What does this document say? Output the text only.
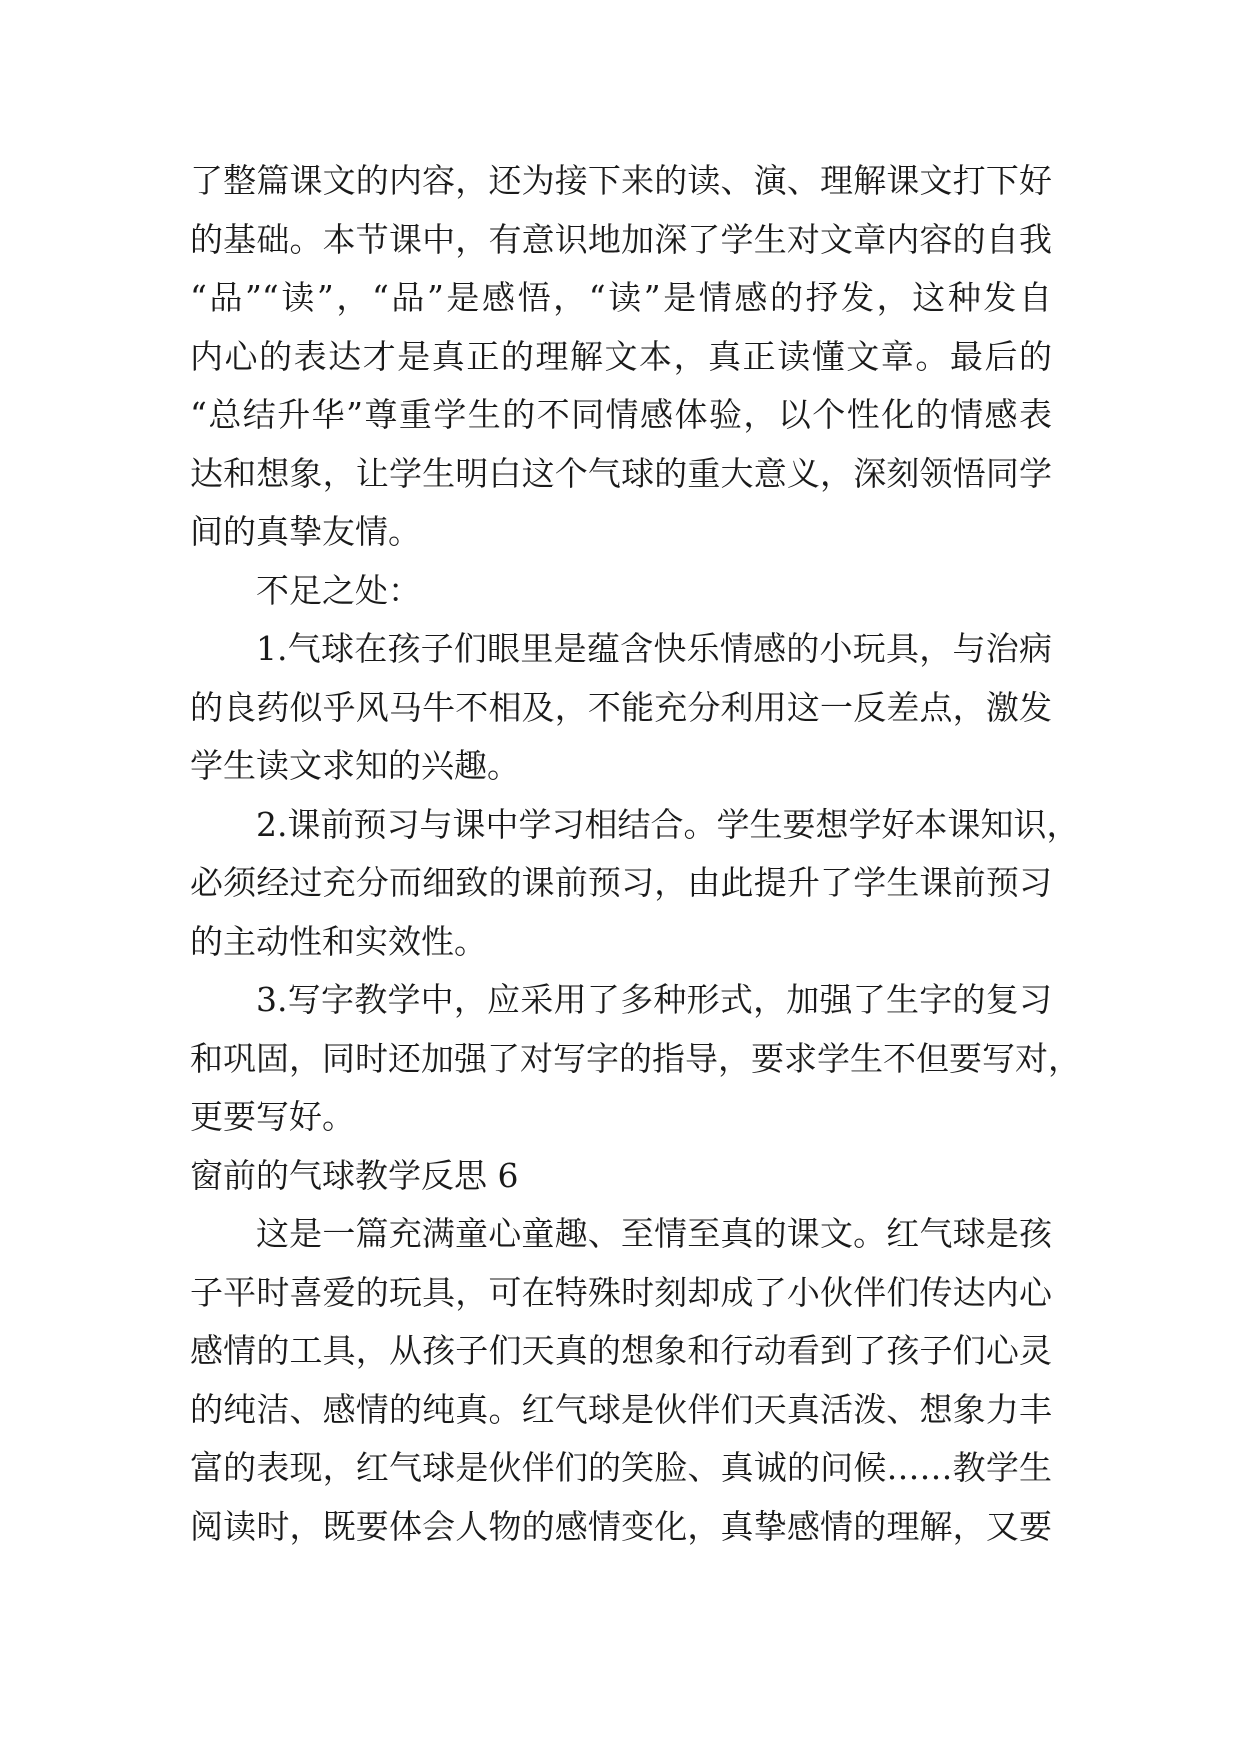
了整篇课文的内容，还为接下来的读、演、理解课文打下好
的基础。本节课中，有意识地加深了学生对文章内容的自我
“品”“读”，“品”是感悟，“读”是情感的抒发，这种发自
内心的表达才是真正的理解文本，真正读懂文章。最后的
“总结升华”尊重学生的不同情感体验，以个性化的情感表
达和想象，让学生明白这个气球的重大意义，深刻领悟同学
间的真挚友情。
不足之处：
1.气球在孩子们眼里是蕴含快乐情感的小玩具，与治病
的良药似乎风马牛不相及，不能充分利用这一反差点，激发
学生读文求知的兴趣。
2.课前预习与课中学习相结合。学生要想学好本课知识，
必须经过充分而细致的课前预习，由此提升了学生课前预习
的主动性和实效性。
3.写字教学中，应采用了多种形式，加强了生字的复习
和巩固，同时还加强了对写字的指导，要求学生不但要写对，
更要写好。
窗前的气球教学反思 6
这是一篇充满童心童趣、至情至真的课文。红气球是孩
子平时喜爱的玩具，可在特殊时刻却成了小伙伴们传达内心
感情的工具，从孩子们天真的想象和行动看到了孩子们心灵
的纯洁、感情的纯真。红气球是伙伴们天真活泼、想象力丰
富的表现，红气球是伙伴们的笑脸、真诚的问候……教学生
阅读时，既要体会人物的感情变化，真挚感情的理解，又要
